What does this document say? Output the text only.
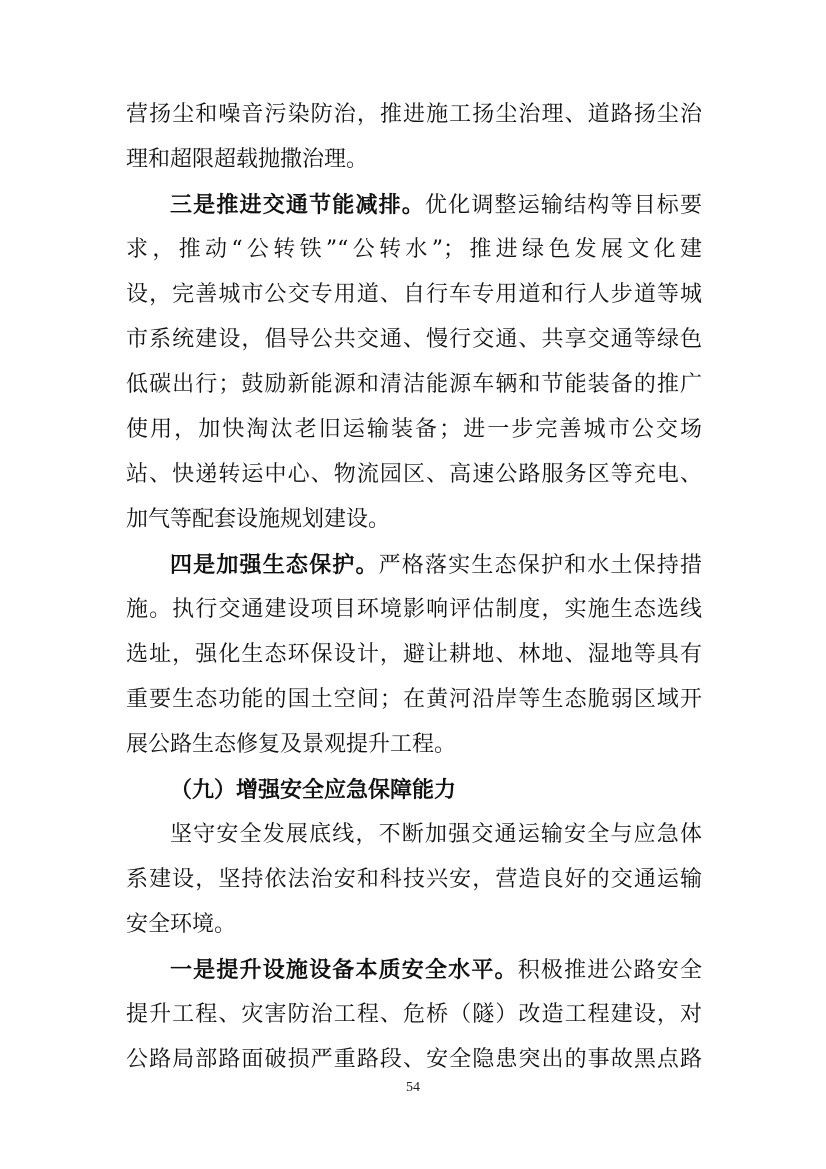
营扬尘和噪音污染防治，推进施工扬尘治理、道路扬尘治
理和超限超载抛撒治理。
三是推进交通节能减排。优化调整运输结构等目标要
求，推动“公转铁”“公转水”；推进绿色发展文化建
设，完善城市公交专用道、自行车专用道和行人步道等城
市系统建设，倡导公共交通、慢行交通、共享交通等绿色
低碳出行；鼓励新能源和清洁能源车辆和节能装备的推广
使用，加快淘汰老旧运输装备；进一步完善城市公交场
站、快递转运中心、物流园区、高速公路服务区等充电、
加气等配套设施规划建设。
四是加强生态保护。严格落实生态保护和水土保持措
施。执行交通建设项目环境影响评估制度，实施生态选线
选址，强化生态环保设计，避让耕地、林地、湿地等具有
重要生态功能的国土空间；在黄河沿岸等生态脆弱区域开
展公路生态修复及景观提升工程。
（九）增强安全应急保障能力
坚守安全发展底线，不断加强交通运输安全与应急体
系建设，坚持依法治安和科技兴安，营造良好的交通运输
安全环境。
一是提升设施设备本质安全水平。积极推进公路安全
提升工程、灾害防治工程、危桥（隧）改造工程建设，对
公路局部路面破损严重路段、安全隐患突出的事故黑点路
54
